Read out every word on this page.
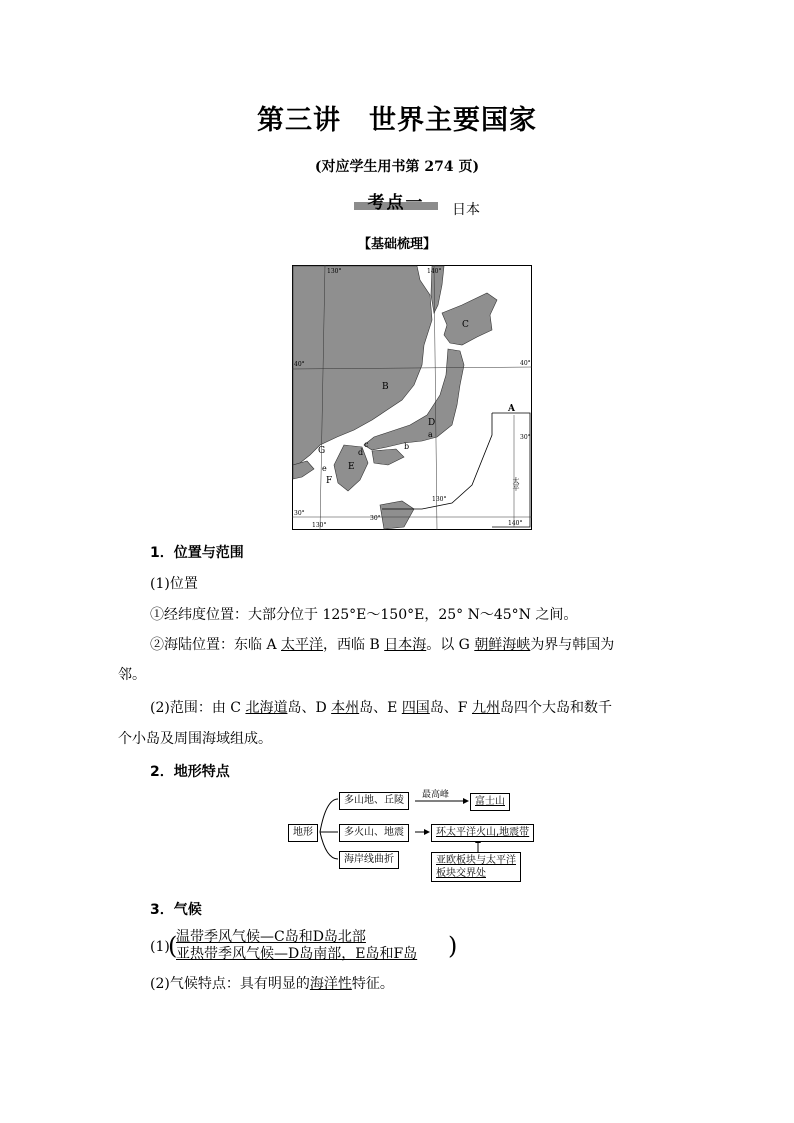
第三讲　世界主要国家
(对应学生用书第 274 页)
考点一	日本
【基础梳理】
40°	40°
30°
30°
30°
130°	140°
130°
130°
140°
A
B
C
D
E
F
G
a
b
c
d
e
太平
1．位置与范围
(1)位置
①经纬度位置：大部分位于 125°E～150°E，25° N～45°N 之间。
②海陆位置：东临 A 太平洋，西临 B 日本海。以 G 朝鲜海峡为界与韩国为
邻。
(2)范围：由 C 北海道岛、D 本州岛、E 四国岛、F 九州岛四个大岛和数千
个小岛及周围海域组成。
2．地形特点
地形
多山地、丘陵	最高峰
富士山
多火山、地震	环太平洋火山,地震带
海岸线曲折	亚欧板块与太平洋
板块交界处
3．气候
(1)
(
温带季风气候—C岛和D岛北部
亚热带季风气候—D岛南部，E岛和F岛 )
(2)气候特点：具有明显的海洋性特征。
